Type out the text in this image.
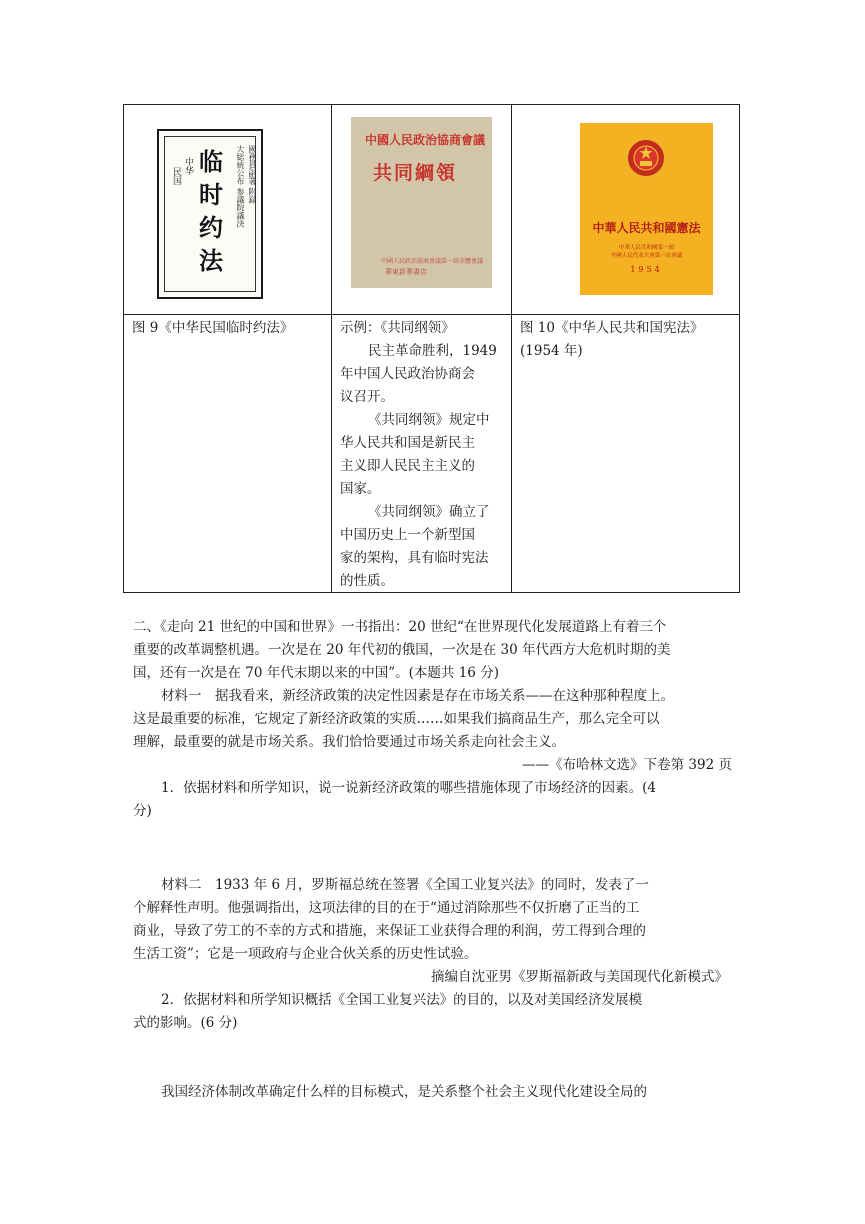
民国
中华 临时约法
大総統公布 参議院議決 國務員副署 附録
中國人民政治協商會議
共同綱領
中國人民政治協商會議第一屆全體會議
華東新華書店
中華人民共和國憲法
中華人民共和國第一屆
全國人民代表大會第一次會議
1954
图 9《中华民国临时约法》	示例：《共同纲领》
民主革命胜利，1949
年中国人民政治协商会
议召开。
《共同纲领》规定中
华人民共和国是新民主
主义即人民民主主义的
国家。
《共同纲领》确立了
中国历史上一个新型国
家的架构，具有临时宪法
的性质。
图 10《中华人民共和国宪法》
(1954 年)
二、《走向 21 世纪的中国和世界》一书指出：20 世纪“在世界现代化发展道路上有着三个
重要的改革调整机遇。一次是在 20 年代初的俄国，一次是在 30 年代西方大危机时期的美
国，还有一次是在 70 年代末期以来的中国”。(本题共 16 分)
材料一　据我看来，新经济政策的决定性因素是存在市场关系——在这种那种程度上。
这是最重要的标准，它规定了新经济政策的实质……如果我们搞商品生产，那么完全可以
理解，最重要的就是市场关系。我们恰恰要通过市场关系走向社会主义。
——《布哈林文选》下卷第 392 页
1．依据材料和所学知识，说一说新经济政策的哪些措施体现了市场经济的因素。(4
分)
材料二　1933 年 6 月，罗斯福总统在签署《全国工业复兴法》的同时，发表了一
个解释性声明。他强调指出，这项法律的目的在于“通过消除那些不仅折磨了正当的工
商业，导致了劳工的不幸的方式和措施，来保证工业获得合理的利润，劳工得到合理的
生活工资”；它是一项政府与企业合伙关系的历史性试验。
摘编自沈亚男《罗斯福新政与美国现代化新模式》
2．依据材料和所学知识概括《全国工业复兴法》的目的，以及对美国经济发展模
式的影响。(6 分)
我国经济体制改革确定什么样的目标模式，是关系整个社会主义现代化建设全局的
